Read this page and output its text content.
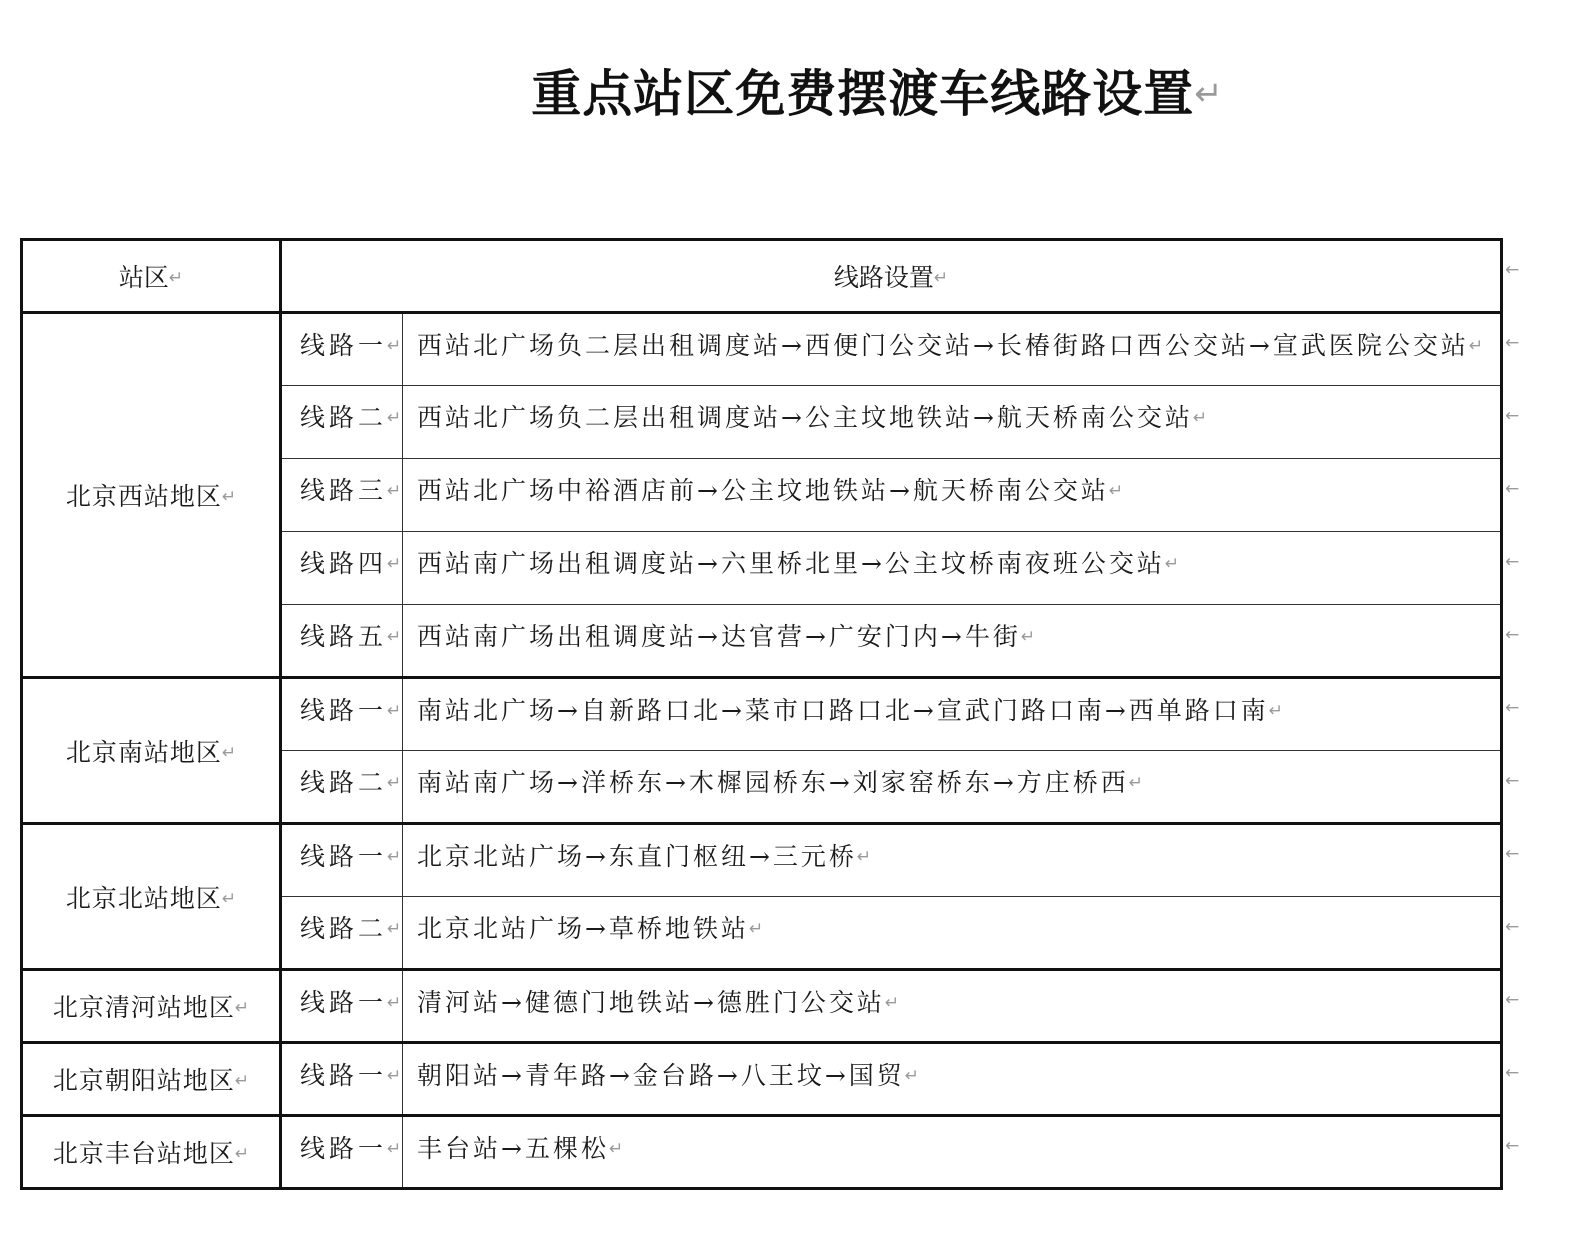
重点站区免费摆渡车线路设置↵
站区↵	线路设置↵	
北京西站地区↵	线路一↵	西站北广场负二层出租调度站→西便门公交站→长椿街路口西公交站→宣武医院公交站↵
	线路二↵	西站北广场负二层出租调度站→公主坟地铁站→航天桥南公交站↵
	线路三↵	西站北广场中裕酒店前→公主坟地铁站→航天桥南公交站↵
	线路四↵	西站南广场出租调度站→六里桥北里→公主坟桥南夜班公交站↵
	线路五↵	西站南广场出租调度站→达官营→广安门内→牛街↵
北京南站地区↵	线路一↵	南站北广场→自新路口北→菜市口路口北→宣武门路口南→西单路口南↵
	线路二↵	南站南广场→洋桥东→木樨园桥东→刘家窑桥东→方庄桥西↵
北京北站地区↵	线路一↵	北京北站广场→东直门枢纽→三元桥↵
	线路二↵	北京北站广场→草桥地铁站↵
北京清河站地区↵	线路一↵	清河站→健德门地铁站→德胜门公交站↵
北京朝阳站地区↵	线路一↵	朝阳站→青年路→金台路→八王坟→国贸↵
北京丰台站地区↵	线路一↵	丰台站→五棵松↵
←
←
←
←
←
←
←
←
←
←
←
←
←
